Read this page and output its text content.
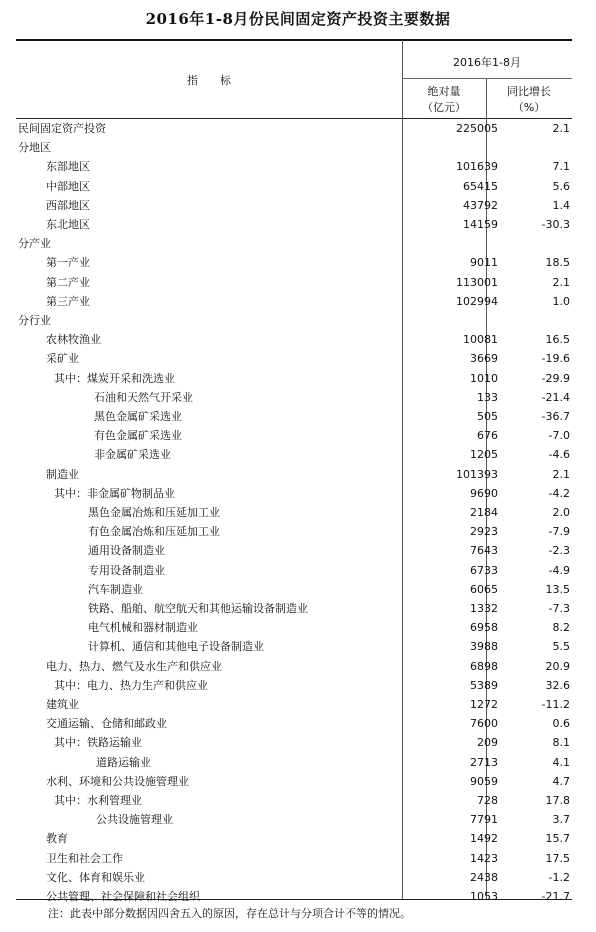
2016年1-8月份民间固定资产投资主要数据
指　　标
2016年1-8月
绝对量
（亿元）
同比增长
（%）
民间固定资产投资	225005	2.1
分地区
东部地区	101639	7.1
中部地区	65415	5.6
西部地区	43792	1.4
东北地区	14159	-30.3
分产业
第一产业	9011	18.5
第二产业	113001	2.1
第三产业	102994	1.0
分行业
农林牧渔业	10081	16.5
采矿业	3669	-19.6
其中：煤炭开采和洗选业	1010	-29.9
石油和天然气开采业	133	-21.4
黑色金属矿采选业	505	-36.7
有色金属矿采选业	676	-7.0
非金属矿采选业	1205	-4.6
制造业	101393	2.1
其中：非金属矿物制品业	9690	-4.2
黑色金属冶炼和压延加工业	2184	2.0
有色金属冶炼和压延加工业	2923	-7.9
通用设备制造业	7643	-2.3
专用设备制造业	6733	-4.9
汽车制造业	6065	13.5
铁路、船舶、航空航天和其他运输设备制造业	1332	-7.3
电气机械和器材制造业	6958	8.2
计算机、通信和其他电子设备制造业	3988	5.5
电力、热力、燃气及水生产和供应业	6898	20.9
其中：电力、热力生产和供应业	5389	32.6
建筑业	1272	-11.2
交通运输、仓储和邮政业	7600	0.6
其中：铁路运输业	209	8.1
道路运输业	2713	4.1
水利、环境和公共设施管理业	9059	4.7
其中：水利管理业	728	17.8
公共设施管理业	7791	3.7
教育	1492	15.7
卫生和社会工作	1423	17.5
文化、体育和娱乐业	2438	-1.2
公共管理、社会保障和社会组织	1053	-21.7
注：此表中部分数据因四舍五入的原因，存在总计与分项合计不等的情况。
